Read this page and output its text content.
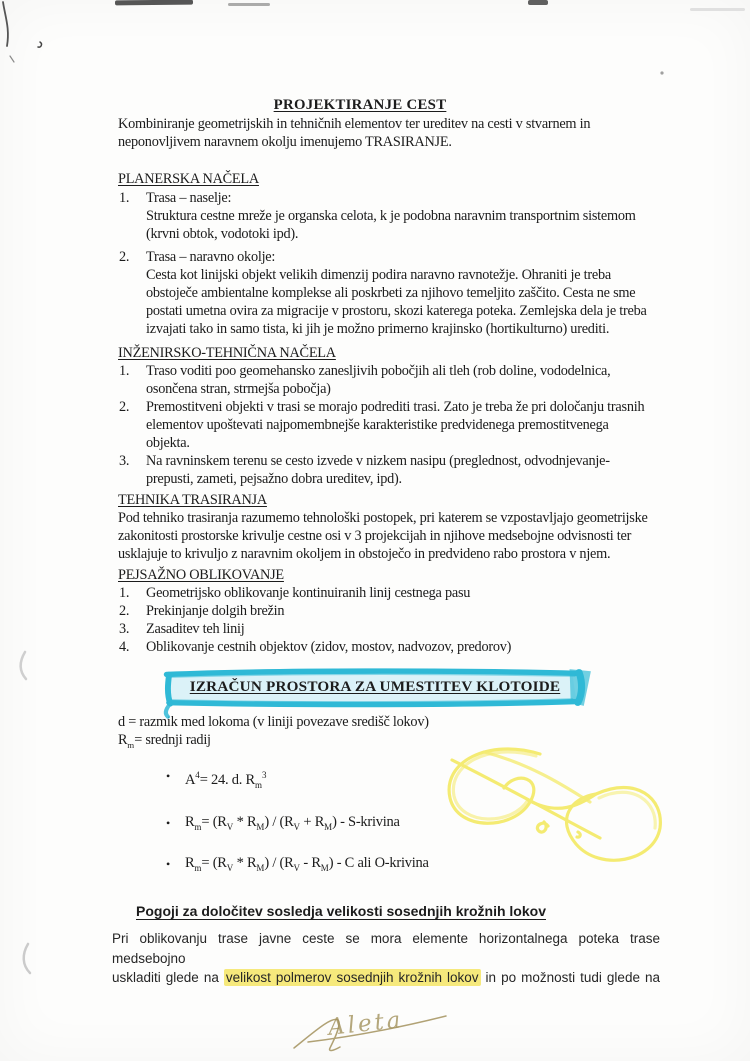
PROJEKTIRANJE CEST

Kombiniranje geometrijskih in tehničnih elementov ter ureditev na cesti v stvarnem in neponovljivem naravnem okolju imenujemo TRASIRANJE.

PLANERSKA NAČELA
1. Trasa – naselje:
Struktura cestne mreže je organska celota, k je podobna naravnim transportnim sistemom (krvni obtok, vodotoki ipd).
2. Trasa – naravno okolje:
Cesta kot linijski objekt velikih dimenzij podira naravno ravnotežje. Ohraniti je treba obstoječe ambientalne komplekse ali poskrbeti za njihovo temeljito zaščito. Cesta ne sme postati umetna ovira za migracije v prostoru, skozi katerega poteka. Zemlejska dela je treba izvajati tako in samo tista, ki jih je možno primerno krajinsko (hortikulturno) urediti.
INŽENIRSKO-TEHNIČNA NAČELA
1. Traso voditi poo geomehansko zanesljivih pobočjih ali tleh (rob doline, vododelnica, osončena stran, strmejša pobočja)
2. Premostitveni objekti v trasi se morajo podrediti trasi. Zato je treba že pri določanju trasnih elementov upoštevati najpomembnejše karakteristike predvidenega premostitvenega objekta.
3. Na ravninskem terenu se cesto izvede v nizkem nasipu (preglednost, odvodnjevanje-prepusti, zameti, pejsažno dobra ureditev, ipd).
TEHNIKA TRASIRANJA

Pod tehniko trasiranja razumemo tehnološki postopek, pri katerem se vzpostavljajo geometrijske zakonitosti prostorske krivulje cestne osi v 3 projekcijah in njihove medsebojne odvisnosti ter usklajuje to krivuljo z naravnim okoljem in obstoječo in predvideno rabo prostora v njem.

PEJSAŽNO OBLIKOVANJE
1. Geometrijsko oblikovanje kontinuiranih linij cestnega pasu
2. Prekinjanje dolgih brežin
3. Zasaditev teh linij
4. Oblikovanje cestnih objektov (zidov, mostov, nadvozov, predorov)
IZRAČUN PROSTORA ZA UMESTITEV KLOTOIDE
d = razmik med lokoma (v liniji povezave središč lokov)
$R_m=$ srednji radij
• $A^4= 24$. d. $R_m^3$
• $R_m= (R_V * R_M) / (R_V + R_M)$ - S-krivina
• $R_m= (R_V * R_M) / (R_V - R_M) - C$ ali O-krivina
Pogoji za določitev sosledja velikosti sosednjih krožnih lokov

Pri oblikovanju trase javne ceste se mora elemente horizontalnega poteka trase medsebojno
uskladiti glede na velikost polmerov sosednjih krožnih lokov in po možnosti tudi glede na

Aleta
